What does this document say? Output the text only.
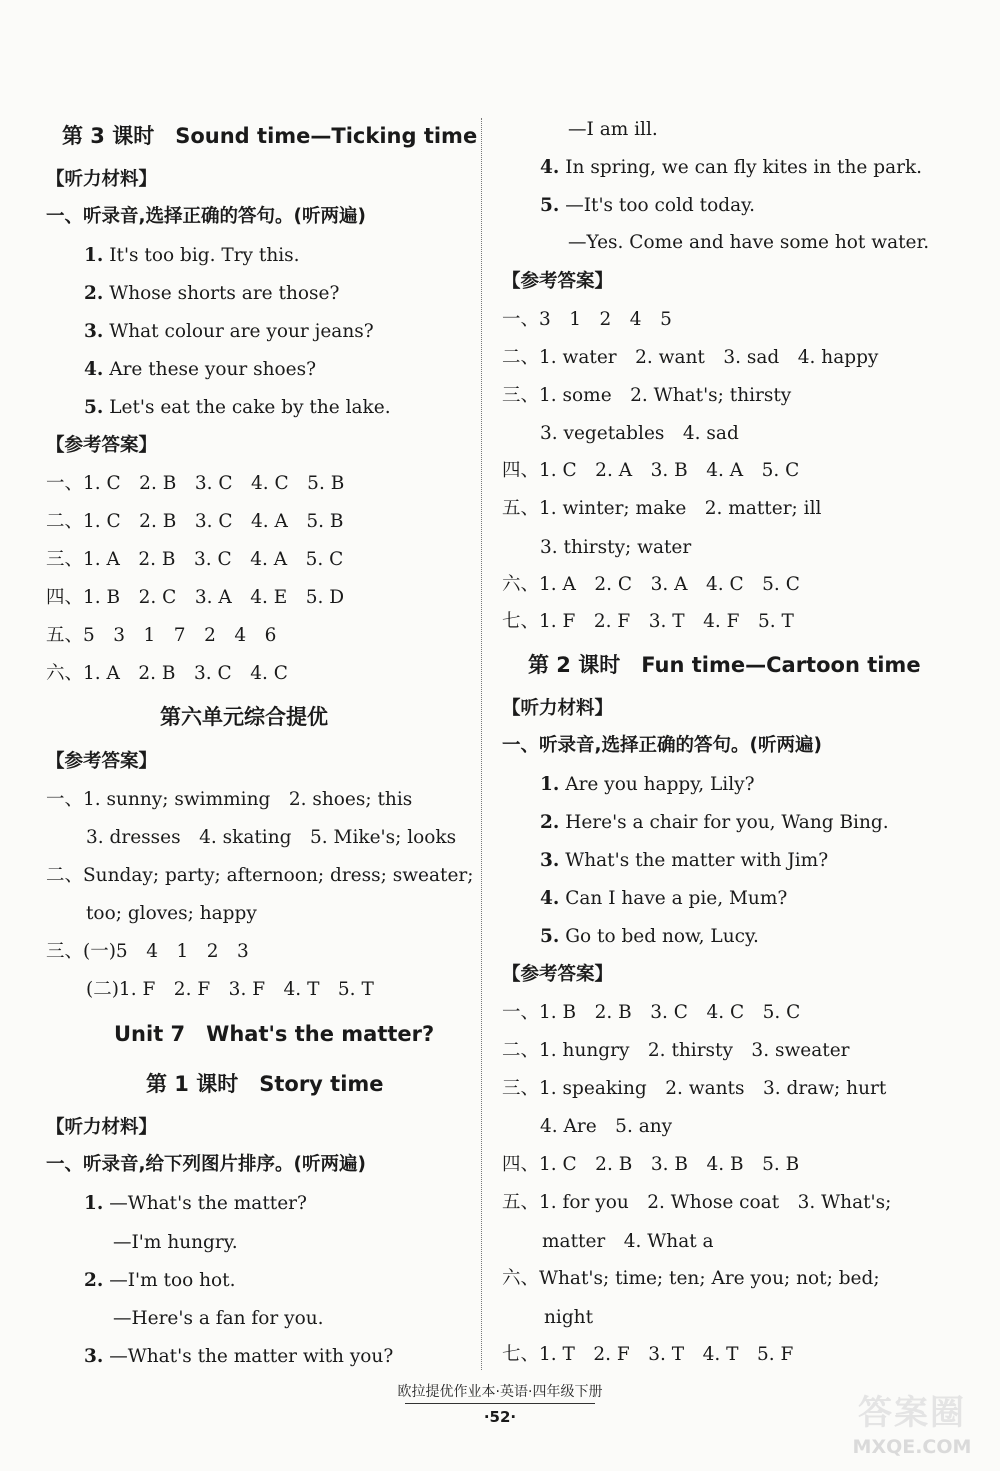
第 3 课时　Sound time—Ticking time
【听力材料】
一、听录音,选择正确的答句。(听两遍)
1. It's too big. Try this.
2. Whose shorts are those?
3. What colour are your jeans?
4. Are these your shoes?
5. Let's eat the cake by the lake.
【参考答案】
一、1. C　2. B　3. C　4. C　5. B
二、1. C　2. B　3. C　4. A　5. B
三、1. A　2. B　3. C　4. A　5. C
四、1. B　2. C　3. A　4. E　5. D
五、5　3　1　7　2　4　6
六、1. A　2. B　3. C　4. C
第六单元综合提优
【参考答案】
一、1. sunny; swimming　2. shoes; this
3. dresses　4. skating　5. Mike's; looks
二、Sunday; party; afternoon; dress; sweater;
too; gloves; happy
三、(一)5　4　1　2　3
(二)1. F　2. F　3. F　4. T　5. T
Unit 7　What's the matter?
第 1 课时　Story time
【听力材料】
一、听录音,给下列图片排序。(听两遍)
1. —What's the matter?
—I'm hungry.
2. —I'm too hot.
—Here's a fan for you.
3. —What's the matter with you?
—I am ill.
4. In spring, we can fly kites in the park.
5. —It's too cold today.
—Yes. Come and have some hot water.
【参考答案】
一、3　1　2　4　5
二、1. water　2. want　3. sad　4. happy
三、1. some　2. What's; thirsty
3. vegetables　4. sad
四、1. C　2. A　3. B　4. A　5. C
五、1. winter; make　2. matter; ill
3. thirsty; water
六、1. A　2. C　3. A　4. C　5. C
七、1. F　2. F　3. T　4. F　5. T
第 2 课时　Fun time—Cartoon time
【听力材料】
一、听录音,选择正确的答句。(听两遍)
1. Are you happy, Lily?
2. Here's a chair for you, Wang Bing.
3. What's the matter with Jim?
4. Can I have a pie, Mum?
5. Go to bed now, Lucy.
【参考答案】
一、1. B　2. B　3. C　4. C　5. C
二、1. hungry　2. thirsty　3. sweater
三、1. speaking　2. wants　3. draw; hurt
4. Are　5. any
四、1. C　2. B　3. B　4. B　5. B
五、1. for you　2. Whose coat　3. What's;
matter　4. What a
六、What's; time; ten; Are you; not; bed;
night
七、1. T　2. F　3. T　4. T　5. F
欧拉提优作业本·英语·四年级下册
·52·	答案圈
MXQE.COM
